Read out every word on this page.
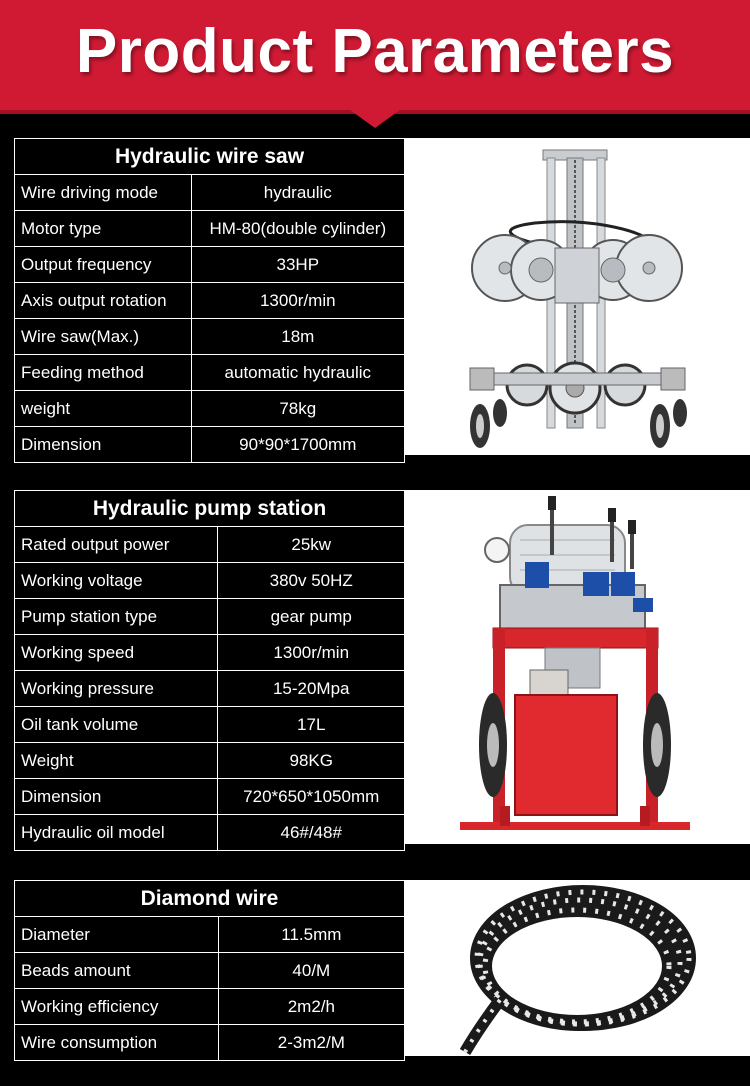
Product Parameters
Hydraulic wire saw	
Wire driving mode	hydraulic
Motor type	HM-80(double cylinder)
Output frequency	33HP
Axis output rotation	1300r/min
Wire saw(Max.)	18m
Feeding method	automatic hydraulic
weight	78kg
Dimension	90*90*1700mm
Hydraulic pump station	
Rated output power	25kw
Working voltage	380v 50HZ
Pump station type	gear pump
Working speed	1300r/min
Working pressure	15-20Mpa
Oil tank volume	17L
Weight	98KG
Dimension	720*650*1050mm
Hydraulic oil model	46#/48#
Diamond wire	
Diameter	11.5mm
Beads amount	40/M
Working efficiency	2m2/h
Wire consumption	2-3m2/M
